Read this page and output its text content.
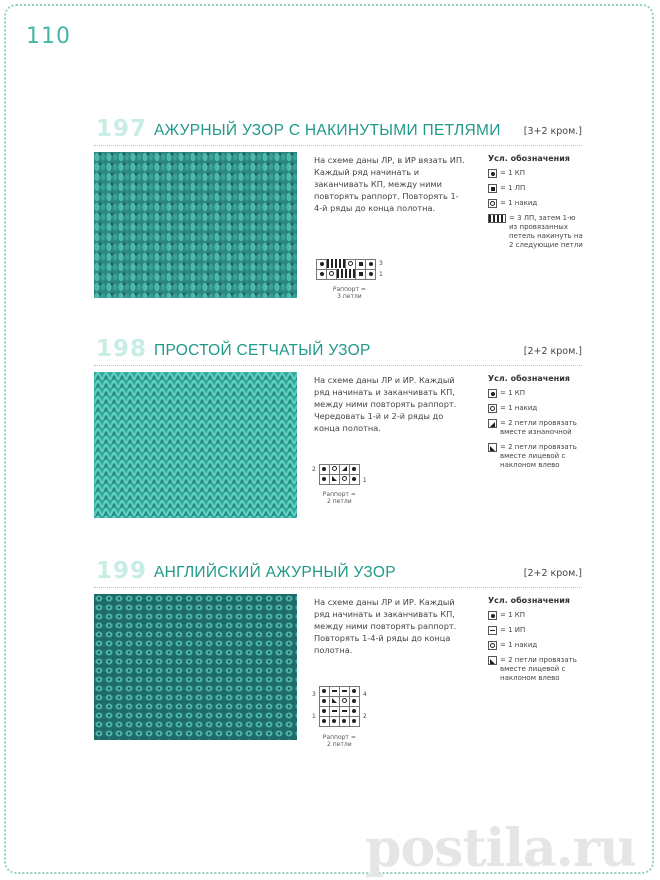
110
197 АЖУРНЫЙ УЗОР С НАКИНУТЫМИ ПЕТЛЯМИ [3+2 кром.]
На схеме даны ЛР, в ИР вязать ИП. Каждый ряд начинать и заканчивать КП, между ними повторять раппорт. Повторять 1-4-й ряды до конца полотна.

3
1
Раппорт =
3 петли
Усл. обозначения
= 1 КП
= 1 ЛП
= 1 накид
= 3 ЛП, затем 1-ю из провязанных петель накинуть на 2 следующие петли
198 ПРОСТОЙ СЕТЧАТЫЙ УЗОР	[2+2 кром.]
На схеме даны ЛР и ИР. Каждый ряд начинать и заканчивать КП, между ними повторять раппорт. Чередовать 1-й и 2-й ряды до конца полотна.
2

1
Раппорт =
2 петли
Усл. обозначения
= 1 КП
= 1 накид
= 2 петли провязать вместе изнаночной
= 2 петли провязать вместе лицевой с наклоном влево
199 АНГЛИЙСКИЙ АЖУРНЫЙ УЗОР	[2+2 кром.]
На схеме даны ЛР и ИР. Каждый ряд начинать и заканчивать КП, между ними повторять раппорт. Повторять 1-4-й ряды до конца полотна.
3
1

4
2
Раппорт =
2 петли
Усл. обозначения
= 1 КП
= 1 ИП
= 1 накид
= 2 петли провязать вместе лицевой с наклоном влево
postila.ru
